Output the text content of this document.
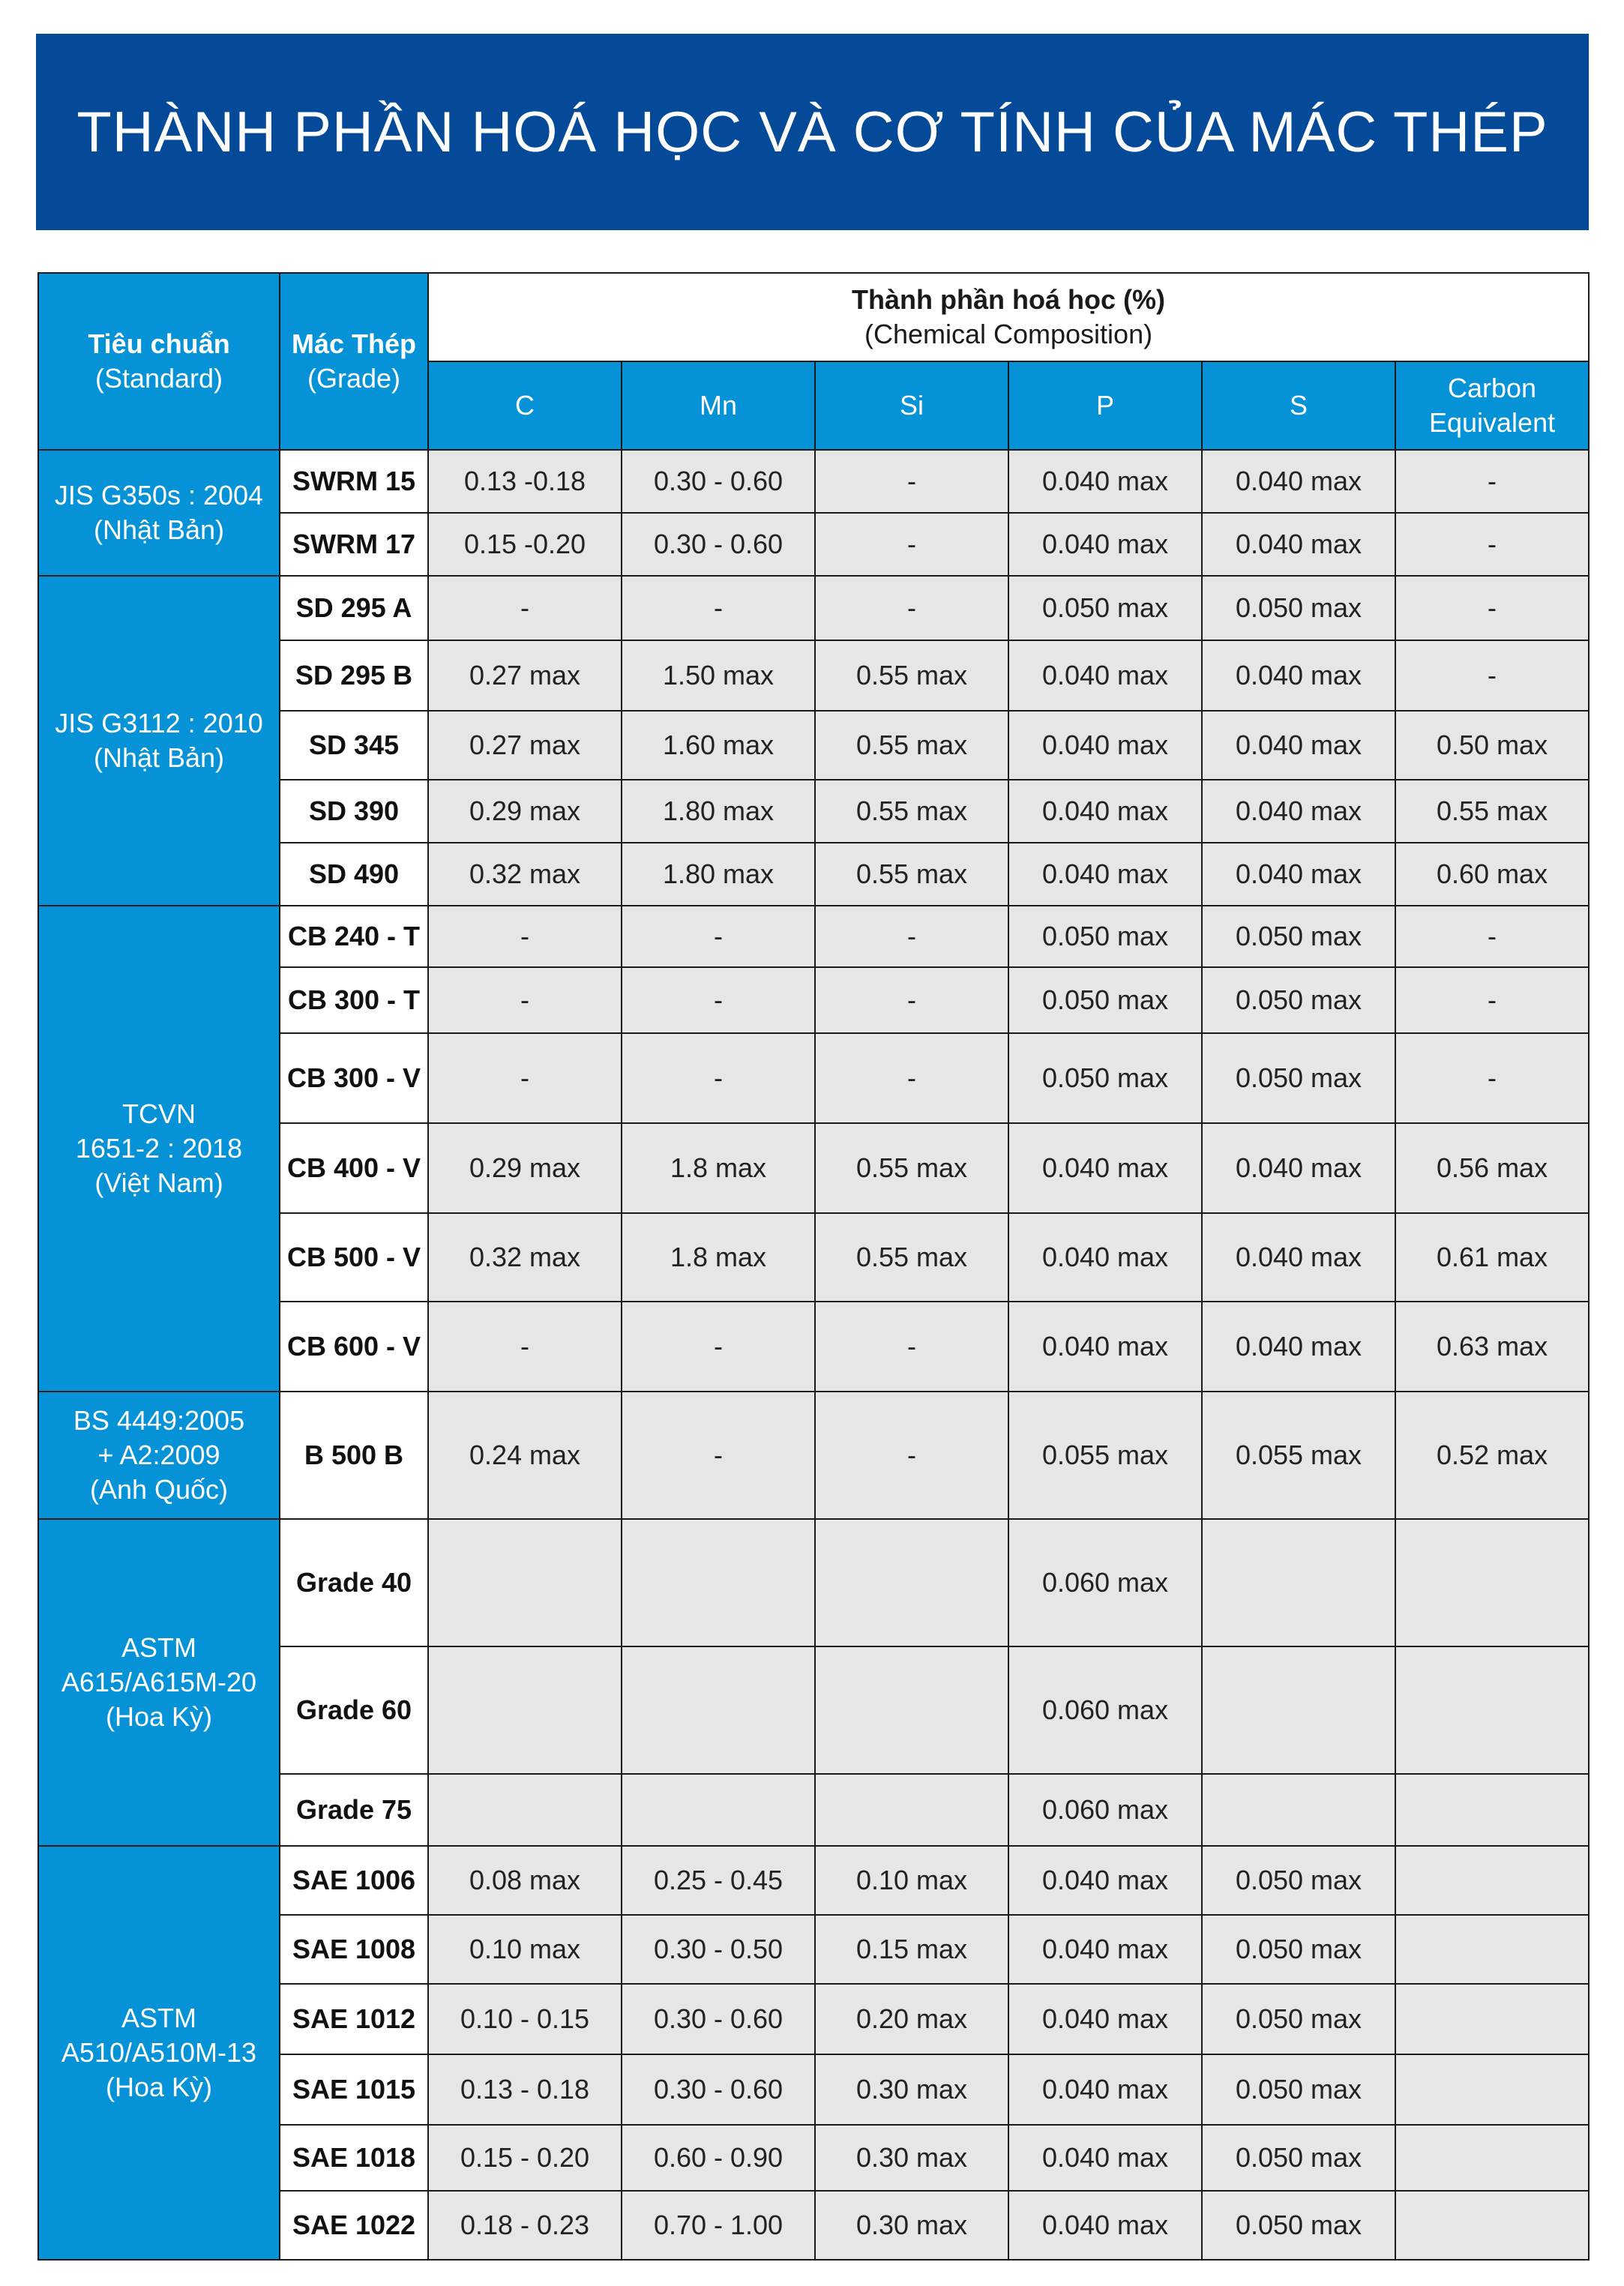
THÀNH PHẦN HOÁ HỌC VÀ CƠ TÍNH CỦA MÁC THÉP
Tiêu chuẩn
(Standard)	Mác Thép
(Grade)	Thành phần hoá học (%)
(Chemical Composition)					

		C	Mn	Si	P	S	Carbon
Equivalent

JIS G350s : 2004
(Nhật Bản)	SWRM 15	0.13 -0.18	0.30 - 0.60	-	0.040 max	0.040 max	-
	SWRM 17	0.15 -0.20	0.30 - 0.60	-	0.040 max	0.040 max	-

JIS G3112 : 2010
(Nhật Bản)	SD 295 A	-	-	-	0.050 max	0.050 max	-
	SD 295 B	0.27 max	1.50 max	0.55 max	0.040 max	0.040 max	-
	SD 345	0.27 max	1.60 max	0.55 max	0.040 max	0.040 max	0.50 max
	SD 390	0.29 max	1.80 max	0.55 max	0.040 max	0.040 max	0.55 max
	SD 490	0.32 max	1.80 max	0.55 max	0.040 max	0.040 max	0.60 max

TCVN
1651-2 : 2018
(Việt Nam)	CB 240 - T	-	-	-	0.050 max	0.050 max	-
	CB 300 - T	-	-	-	0.050 max	0.050 max	-
	CB 300 - V	-	-	-	0.050 max	0.050 max	-
	CB 400 - V	0.29 max	1.8 max	0.55 max	0.040 max	0.040 max	0.56 max
	CB 500 - V	0.32 max	1.8 max	0.55 max	0.040 max	0.040 max	0.61 max
	CB 600 - V	-	-	-	0.040 max	0.040 max	0.63 max

BS 4449:2005
+ A2:2009
(Anh Quốc)	B 500 B	0.24 max	-	-	0.055 max	0.055 max	0.52 max

ASTM
A615/A615M-20
(Hoa Kỳ)	Grade 40				0.060 max		
	Grade 60				0.060 max		
	Grade 75				0.060 max		

ASTM
A510/A510M-13
(Hoa Kỳ)	SAE 1006	0.08 max	0.25 - 0.45	0.10 max	0.040 max	0.050 max	
	SAE 1008	0.10 max	0.30 - 0.50	0.15 max	0.040 max	0.050 max	
	SAE 1012	0.10 - 0.15	0.30 - 0.60	0.20 max	0.040 max	0.050 max	
	SAE 1015	0.13 - 0.18	0.30 - 0.60	0.30 max	0.040 max	0.050 max	
	SAE 1018	0.15 - 0.20	0.60 - 0.90	0.30 max	0.040 max	0.050 max	
	SAE 1022	0.18 - 0.23	0.70 - 1.00	0.30 max	0.040 max	0.050 max	
